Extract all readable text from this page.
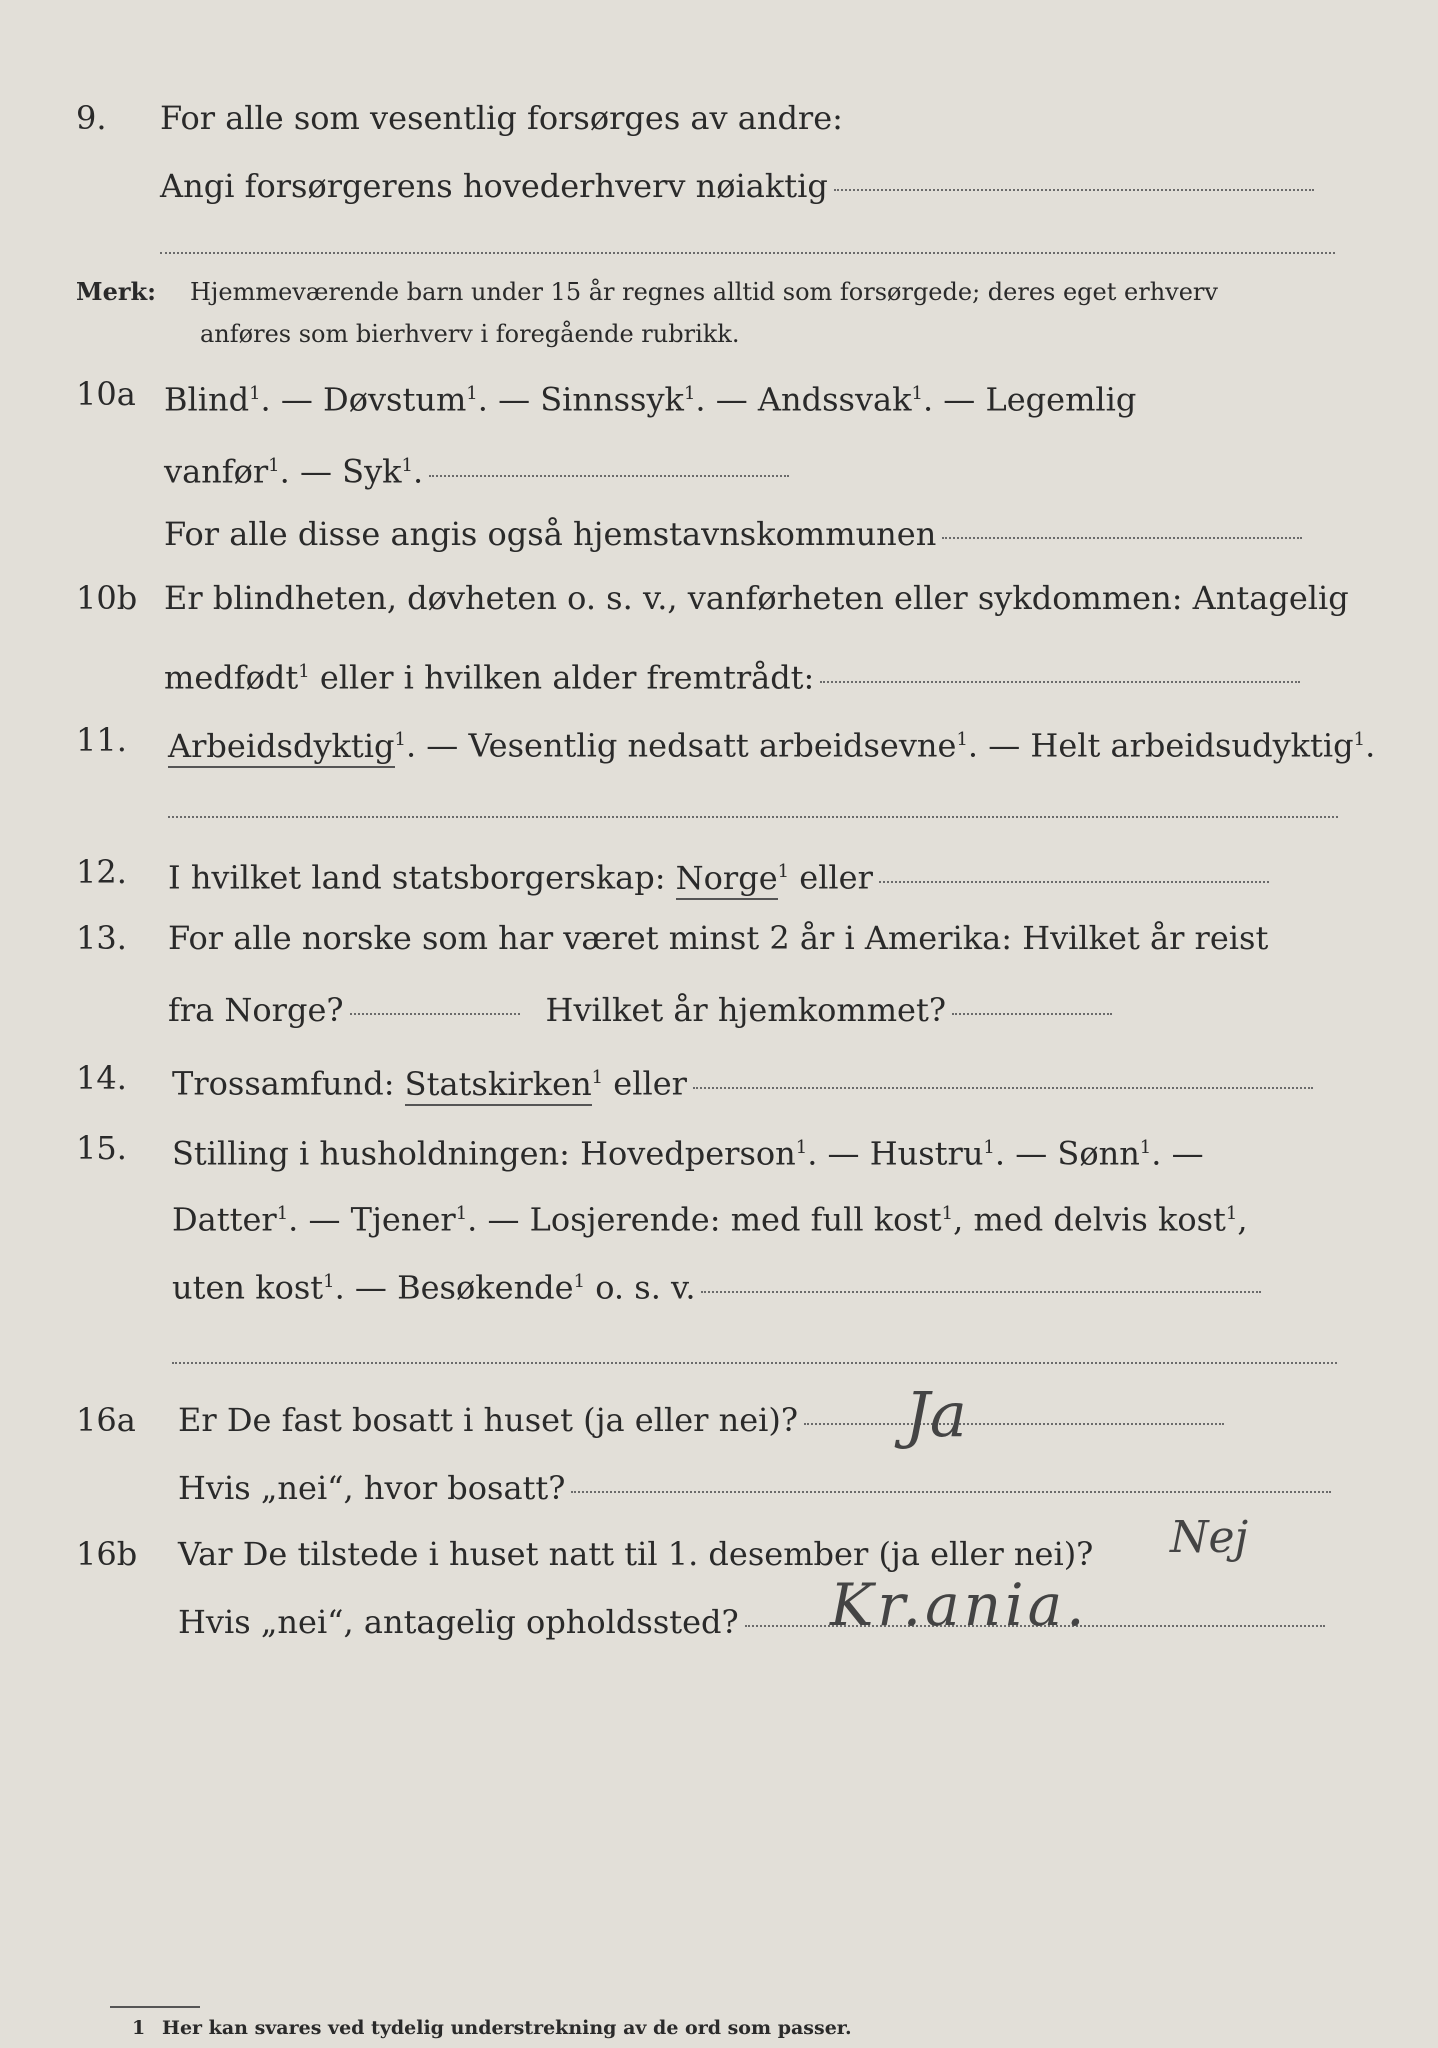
9. For alle som vesentlig forsørges av andre:
Angi forsørgerens hovederhverv nøiaktig
Merk: Hjemmeværende barn under 15 år regnes alltid som forsørgede; deres eget erhverv
anføres som bierhverv i foregående rubrikk.
10a Blind$^1$. — Døvstum$^1$. — Sinnssyk$^1$. — Andssvak$^1$. — Legemlig
vanfør$^1$. — Syk$^1$.
For alle disse angis også hjemstavnskommunen
10b Er blindheten, døvheten o. s. v., vanførheten eller sykdommen: Antagelig
medfødt$^1$ eller i hvilken alder fremtrådt:
11. Arbeidsdyktig$^1$. — Vesentlig nedsatt arbeidsevne$^1$. — Helt arbeidsudyktig$^1$.
12. I hvilket land statsborgerskap: Norge$^1$ eller
13. For alle norske som har været minst 2 år i Amerika: Hvilket år reist
fra Norge?	Hvilket år hjemkommet?
14. Trossamfund: Statskirken$^1$ eller
15. Stilling i husholdningen: Hovedperson$^1$. — Hustru$^1$. — Sønn$^1$. —
Datter$^1$. — Tjener$^1$. — Losjerende: med full kost$^1$, med delvis kost$^1$,
uten kost$^1$. — Besøkende$^1$ o. s. v.
16a Er De fast bosatt i huset (ja eller nei)?	Ja
Hvis „nei“, hvor bosatt?
16b Var De tilstede i huset natt til 1. desember (ja eller nei)? Nej
Hvis „nei“, antagelig opholdssted?	Kr.ania.
1 Her kan svares ved tydelig understrekning av de ord som passer.
